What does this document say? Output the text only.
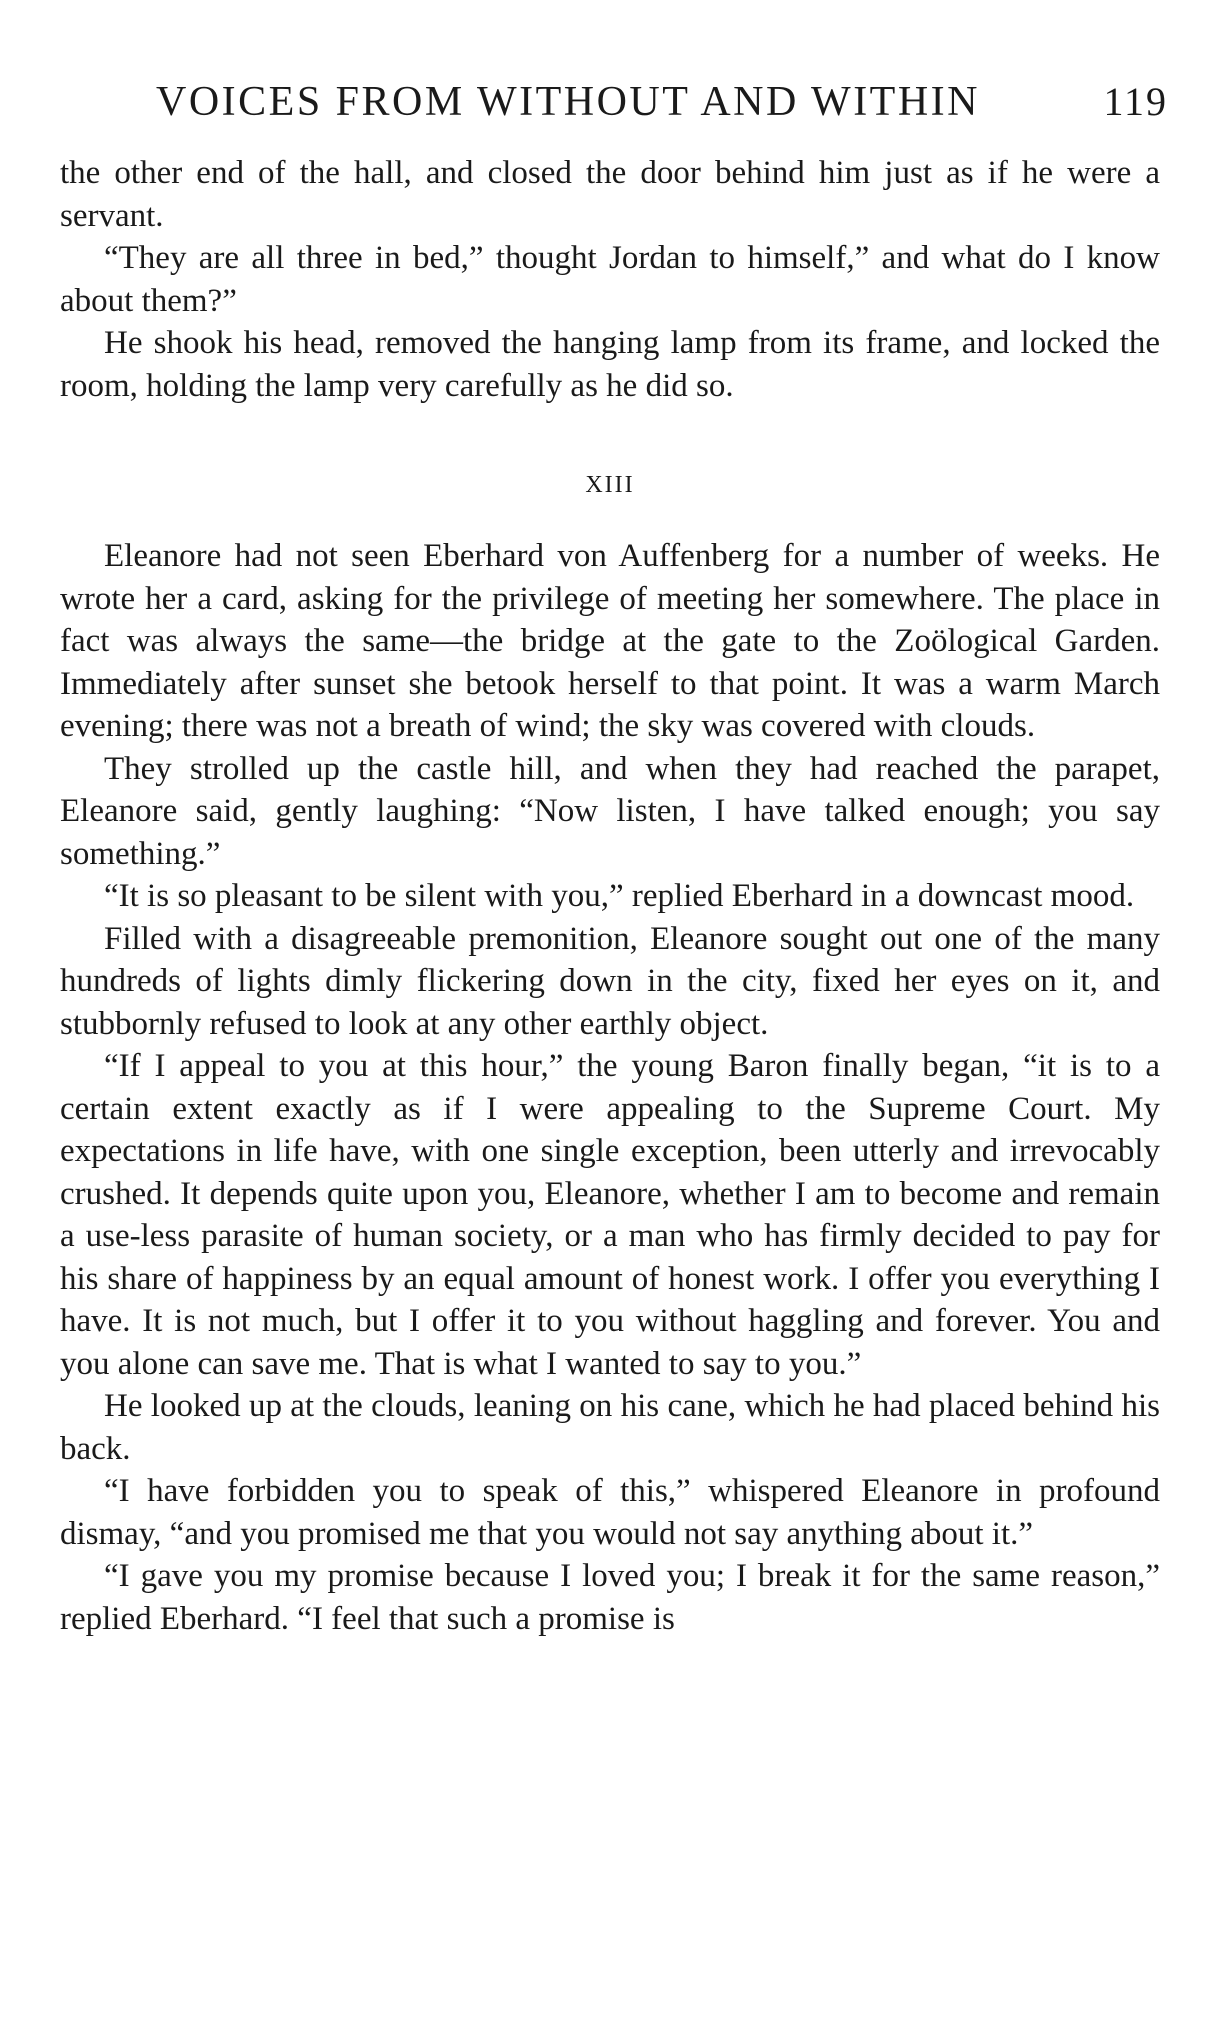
VOICES FROM WITHOUT AND WITHIN	119

the other end of the hall, and closed the door behind him just as if he were a servant.

“They are all three in bed,” thought Jordan to himself,” and what do I know about them?”

He shook his head, removed the hanging lamp from its frame, and locked the room, holding the lamp very carefully as he did so.

XIII

Eleanore had not seen Eberhard von Auffenberg for a number of weeks. He wrote her a card, asking for the privilege of meeting her somewhere. The place in fact was always the same—the bridge at the gate to the Zoölogical Garden. Immediately after sunset she betook herself to that point. It was a warm March evening; there was not a breath of wind; the sky was covered with clouds.

They strolled up the castle hill, and when they had reached the parapet, Eleanore said, gently laughing: “Now listen, I have talked enough; you say something.”

“It is so pleasant to be silent with you,” replied Eberhard in a downcast mood.

Filled with a disagreeable premonition, Eleanore sought out one of the many hundreds of lights dimly flickering down in the city, fixed her eyes on it, and stubbornly refused to look at any other earthly object.

“If I appeal to you at this hour,” the young Baron finally began, “it is to a certain extent exactly as if I were appealing to the Supreme Court. My expectations in life have, with one single exception, been utterly and irrevocably crushed. It depends quite upon you, Eleanore, whether I am to become and remain a use-less parasite of human society, or a man who has firmly decided to pay for his share of happiness by an equal amount of honest work. I offer you everything I have. It is not much, but I offer it to you without haggling and forever. You and you alone can save me. That is what I wanted to say to you.”

He looked up at the clouds, leaning on his cane, which he had placed behind his back.

“I have forbidden you to speak of this,” whispered Eleanore in profound dismay, “and you promised me that you would not say anything about it.”

“I gave you my promise because I loved you; I break it for the same reason,” replied Eberhard. “I feel that such a promise is
